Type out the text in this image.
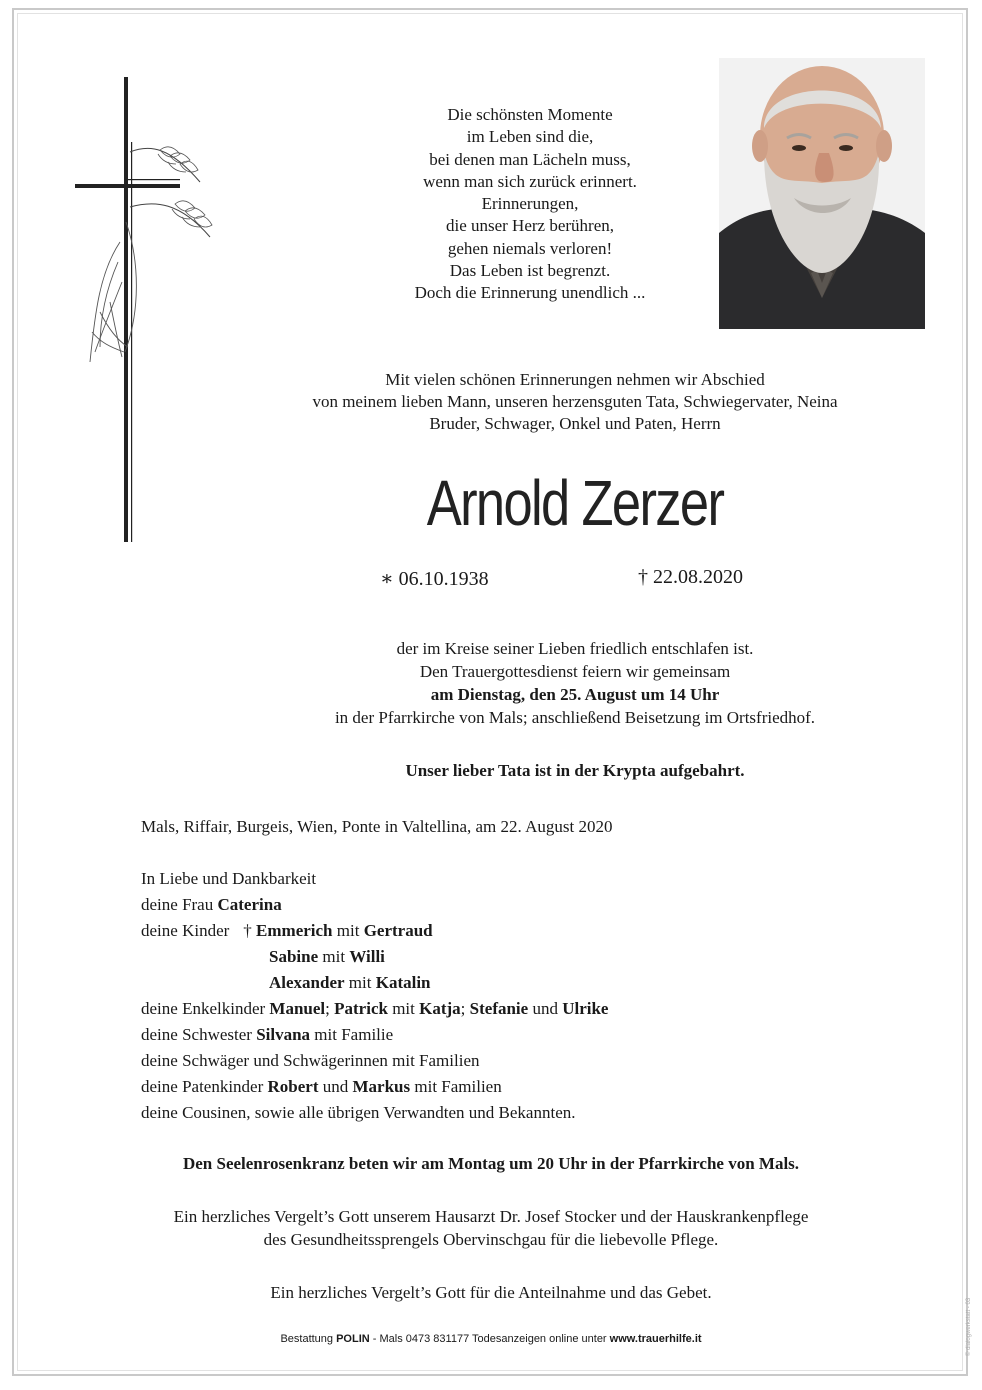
Die schönsten Momente
im Leben sind die,
bei denen man Lächeln muss,
wenn man sich zurück erinnert.
Erinnerungen,
die unser Herz berühren,
gehen niemals verloren!
Das Leben ist begrenzt.
Doch die Erinnerung unendlich ...
Mit vielen schönen Erinnerungen nehmen wir Abschied
von meinem lieben Mann, unseren herzensguten Tata, Schwiegervater, Neina
Bruder, Schwager, Onkel und Paten, Herrn
Arnold Zerzer
∗ 06.10.1938	† 22.08.2020
der im Kreise seiner Lieben friedlich entschlafen ist.
Den Trauergottesdienst feiern wir gemeinsam
am Dienstag, den 25. August um 14 Uhr
in der Pfarrkirche von Mals; anschließend Beisetzung im Ortsfriedhof.
Unser lieber Tata ist in der Krypta aufgebahrt.
Mals, Riffair, Burgeis, Wien, Ponte in Valtellina, am 22. August 2020
In Liebe und Dankbarkeit
deine Frau Caterina
deine Kinder † Emmerich mit Gertraud
Sabine mit Willi
Alexander mit Katalin
deine Enkelkinder Manuel; Patrick mit Katja; Stefanie und Ulrike
deine Schwester Silvana mit Familie
deine Schwäger und Schwägerinnen mit Familien
deine Patenkinder Robert und Markus mit Familien
deine Cousinen, sowie alle übrigen Verwandten und Bekannten.
Den Seelenrosenkranz beten wir am Montag um 20 Uhr in der Pfarrkirche von Mals.
Ein herzliches Vergelt’s Gott unserem Hausarzt Dr. Josef Stocker und der Hauskrankenpflege
des Gesundheitssprengels Obervinschgau für die liebevolle Pflege.
Ein herzliches Vergelt’s Gott für die Anteilnahme und das Gebet.
Bestattung POLIN - Mals 0473 831177 Todesanzeigen online unter www.trauerhilfe.it	© dialogwerkstatt - 03
